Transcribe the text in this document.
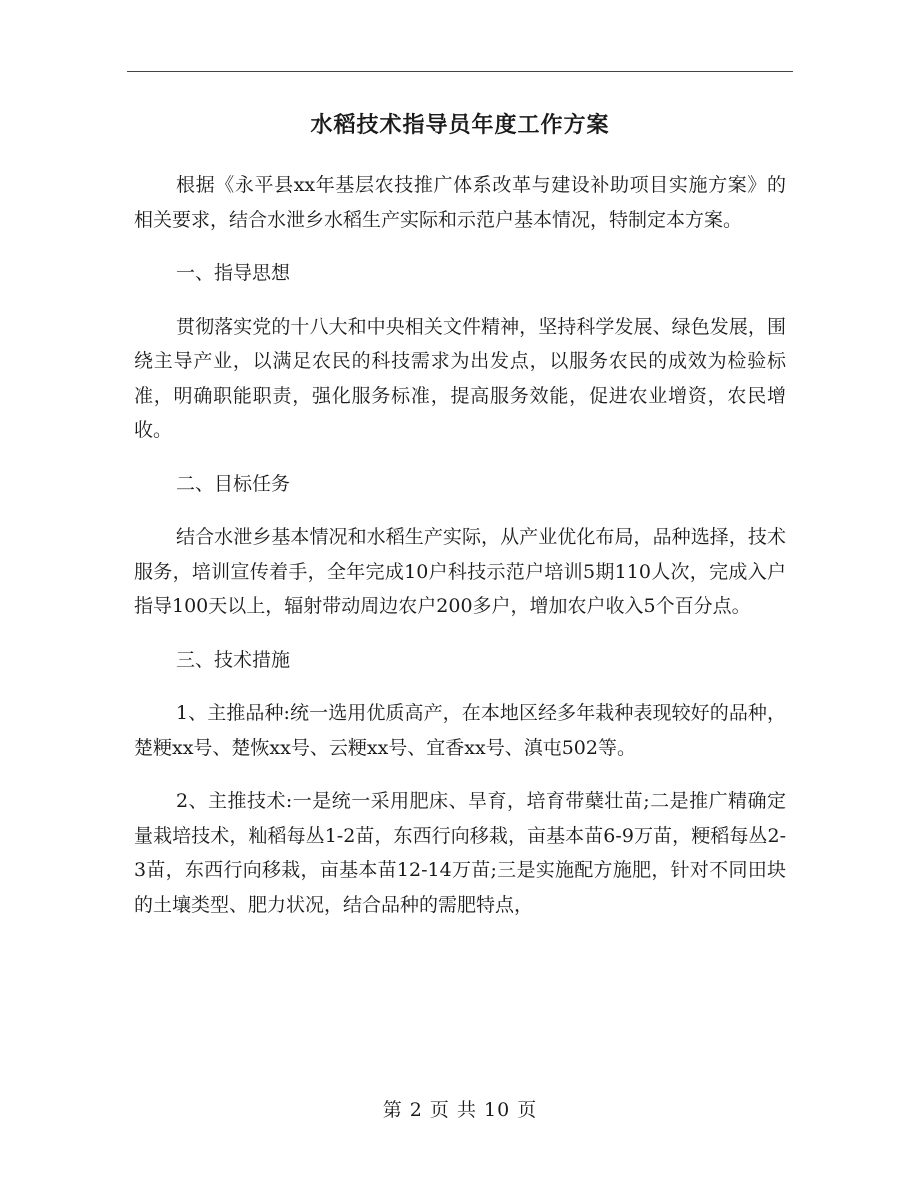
水稻技术指导员年度工作方案

根据《永平县xx年基层农技推广体系改革与建设补助项目实施方案》的相关要求，结合水泄乡水稻生产实际和示范户基本情况，特制定本方案。

一、指导思想

贯彻落实党的十八大和中央相关文件精神，坚持科学发展、绿色发展，围绕主导产业，以满足农民的科技需求为出发点，以服务农民的成效为检验标准，明确职能职责，强化服务标准，提高服务效能，促进农业增资，农民增收。

二、目标任务

结合水泄乡基本情况和水稻生产实际，从产业优化布局，品种选择，技术服务，培训宣传着手，全年完成10户科技示范户培训5期110人次，完成入户指导100天以上，辐射带动周边农户200多户，增加农户收入5个百分点。

三、技术措施

1、主推品种:统一选用优质高产，在本地区经多年栽种表现较好的品种，楚粳xx号、楚恢xx号、云粳xx号、宜香xx号、滇屯502等。

2、主推技术:一是统一采用肥床、旱育，培育带蘖壮苗;二是推广精确定量栽培技术，籼稻每丛1-2苗，东西行向移栽，亩基本苗6-9万苗，粳稻每丛2-3苗，东西行向移栽，亩基本苗12-14万苗;三是实施配方施肥，针对不同田块的土壤类型、肥力状况，结合品种的需肥特点，

第 2 页 共 10 页
